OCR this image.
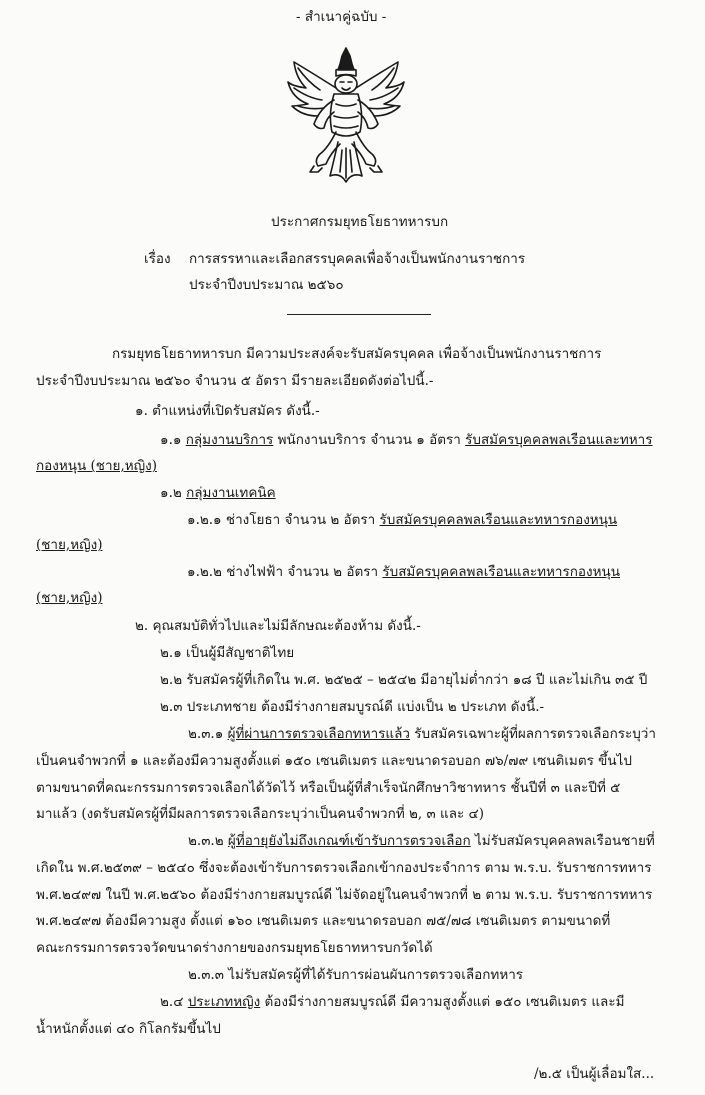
- สำเนาคู่ฉบับ -
ประกาศกรมยุทธโยธาทหารบก
เรื่อง การสรรหาและเลือกสรรบุคคลเพื่อจ้างเป็นพนักงานราชการ
ประจำปีงบประมาณ ๒๕๖๐
กรมยุทธโยธาทหารบก มีความประสงค์จะรับสมัครบุคคล เพื่อจ้างเป็นพนักงานราชการ
ประจำปีงบประมาณ ๒๕๖๐ จำนวน ๕ อัตรา มีรายละเอียดดังต่อไปนี้.-
๑. ตำแหน่งที่เปิดรับสมัคร ดังนี้.-
๑.๑ กลุ่มงานบริการ พนักงานบริการ จำนวน ๑ อัตรา รับสมัครบุคคลพลเรือนและทหาร
กองหนุน (ชาย,หญิง)
๑.๒ กลุ่มงานเทคนิค
๑.๒.๑ ช่างโยธา จำนวน ๒ อัตรา รับสมัครบุคคลพลเรือนและทหารกองหนุน
(ชาย,หญิง)
๑.๒.๒ ช่างไฟฟ้า จำนวน ๒ อัตรา รับสมัครบุคคลพลเรือนและทหารกองหนุน
(ชาย,หญิง)
๒. คุณสมบัติทั่วไปและไม่มีลักษณะต้องห้าม ดังนี้.-
๒.๑ เป็นผู้มีสัญชาติไทย
๒.๒ รับสมัครผู้ที่เกิดใน พ.ศ. ๒๕๒๕ – ๒๕๔๒ มีอายุไม่ต่ำกว่า ๑๘ ปี และไม่เกิน ๓๕ ปี
๒.๓ ประเภทชาย ต้องมีร่างกายสมบูรณ์ดี แบ่งเป็น ๒ ประเภท ดังนี้.-
๒.๓.๑ ผู้ที่ผ่านการตรวจเลือกทหารแล้ว รับสมัครเฉพาะผู้ที่ผลการตรวจเลือกระบุว่า
เป็นคนจำพวกที่ ๑ และต้องมีความสูงตั้งแต่ ๑๕๐ เซนติเมตร และขนาดรอบอก ๗๖/๗๙ เซนติเมตร ขึ้นไป
ตามขนาดที่คณะกรรมการตรวจเลือกได้วัดไว้ หรือเป็นผู้ที่สำเร็จนักศึกษาวิชาทหาร ชั้นปีที่ ๓ และปีที่ ๕
มาแล้ว (งดรับสมัครผู้ที่มีผลการตรวจเลือกระบุว่าเป็นคนจำพวกที่ ๒, ๓ และ ๔)
๒.๓.๒ ผู้ที่อายุยังไม่ถึงเกณฑ์เข้ารับการตรวจเลือก ไม่รับสมัครบุคคลพลเรือนชายที่
เกิดใน พ.ศ.๒๕๓๙ – ๒๕๔๐ ซึ่งจะต้องเข้ารับการตรวจเลือกเข้ากองประจำการ ตาม พ.ร.บ. รับราชการทหาร
พ.ศ.๒๔๙๗ ในปี พ.ศ.๒๕๖๐ ต้องมีร่างกายสมบูรณ์ดี ไม่จัดอยู่ในคนจำพวกที่ ๒ ตาม พ.ร.บ. รับราชการทหาร
พ.ศ.๒๔๙๗ ต้องมีความสูง ตั้งแต่ ๑๖๐ เซนติเมตร และขนาดรอบอก ๗๕/๗๘ เซนติเมตร ตามขนาดที่
คณะกรรมการตรวจวัดขนาดร่างกายของกรมยุทธโยธาทหารบกวัดได้
๒.๓.๓ ไม่รับสมัครผู้ที่ได้รับการผ่อนผันการตรวจเลือกทหาร
๒.๔ ประเภทหญิง ต้องมีร่างกายสมบูรณ์ดี มีความสูงตั้งแต่ ๑๕๐ เซนติเมตร และมี
น้ำหนักตั้งแต่ ๔๐ กิโลกรัมขึ้นไป
/๒.๕ เป็นผู้เลื่อมใส...
